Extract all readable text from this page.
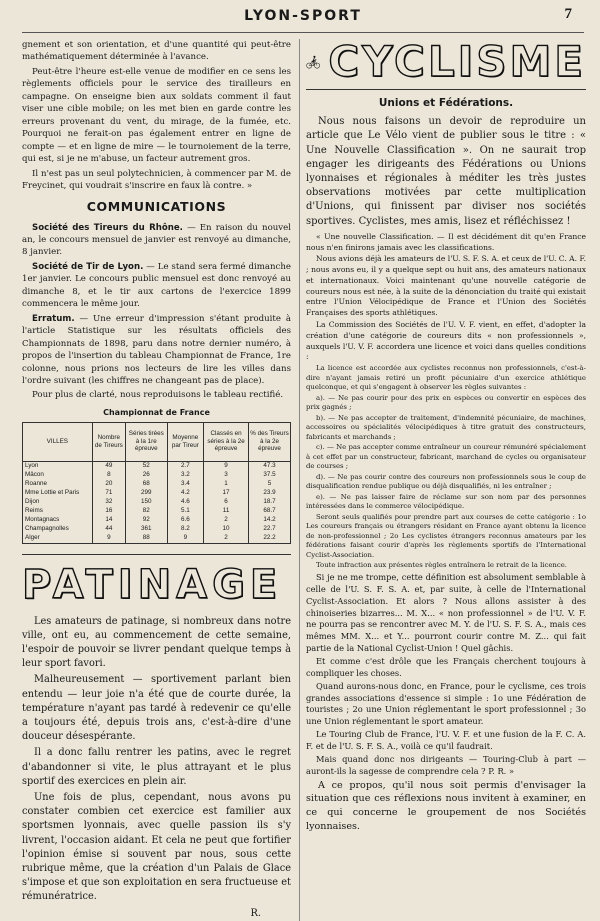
LYON-SPORT	7

gnement et son orientation, et d'une quantité qui peut-être mathématiquement déterminée à l'avance.

Peut-être l'heure est-elle venue de modifier en ce sens les règlements officiels pour le service des tirailleurs en campagne. On enseigne bien aux soldats comment il faut viser une cible mobile; on les met bien en garde contre les erreurs provenant du vent, du mirage, de la fumée, etc. Pourquoi ne ferait-on pas également entrer en ligne de compte — et en ligne de mire — le tournoiement de la terre, qui est, si je ne m'abuse, un facteur autrement gros.

Il n'est pas un seul polytechnicien, à commencer par M. de Freycinet, qui voudrait s'inscrire en faux là contre. »

COMMUNICATIONS

Société des Tireurs du Rhône. — En raison du nouvel an, le concours mensuel de janvier est renvoyé au dimanche, 8 janvier.

Société de Tir de Lyon. — Le stand sera fermé dimanche 1er janvier. Le concours public mensuel est donc renvoyé au dimanche 8, et le tir aux cartons de l'exercice 1899 commencera le même jour.

Erratum. — Une erreur d'impression s'étant produite à l'article Statistique sur les résultats officiels des Championnats de 1898, paru dans notre dernier numéro, à propos de l'insertion du tableau Championnat de France, 1re colonne, nous prions nos lecteurs de lire les villes dans l'ordre suivant (les chiffres ne changeant pas de place).

Pour plus de clarté, nous reproduisons le tableau rectifié.

Championnat de France
VILLES	Nombre de Tireurs	Séries tirées à la 1re épreuve	Moyenne par Tireur	Classés en séries à la 2e épreuve	% des Tireurs à la 2e épreuve
Lyon	49	52	2.7	9	47.3
Mâcon	8	26	3.2	3	37.5
Roanne	20	68	3.4	1	5
Mme Lottie et Paris	71	299	4.2	17	23.9
Dijon	32	150	4.6	6	18.7
Reims	16	82	5.1	11	68.7
Montagnacs	14	92	6.6	2	14.2
Champagnolles	44	361	8.2	10	22.7
Alger	9	88	9	2	22.2
PATINAGE

Les amateurs de patinage, si nombreux dans notre ville, ont eu, au commencement de cette semaine, l'espoir de pouvoir se livrer pendant quelque temps à leur sport favori.

Malheureusement — sportivement parlant bien entendu — leur joie n'a été que de courte durée, la température n'ayant pas tardé à redevenir ce qu'elle a toujours été, depuis trois ans, c'est-à-dire d'une douceur désespérante.

Il a donc fallu rentrer les patins, avec le regret d'abandonner si vite, le plus attrayant et le plus sportif des exercices en plein air.

Une fois de plus, cependant, nous avons pu constater combien cet exercice est familier aux sportsmen lyonnais, avec quelle passion ils s'y livrent, l'occasion aidant. Et cela ne peut que fortifier l'opinion émise si souvent par nous, sous cette rubrique même, que la création d'un Palais de Glace s'impose et que son exploitation en sera fructueuse et rémunératrice.

R.
CYCLISME
Unions et Fédérations.

Nous nous faisons un devoir de reproduire un article que Le Vélo vient de publier sous le titre : « Une Nouvelle Classification ». On ne saurait trop engager les dirigeants des Fédérations ou Unions lyonnaises et régionales à méditer les très justes observations motivées par cette multiplication d'Unions, qui finissent par diviser nos sociétés sportives. Cyclistes, mes amis, lisez et réfléchissez !

« Une nouvelle Classification. — Il est décidément dit qu'en France nous n'en finirons jamais avec les classifications.

Nous avions déjà les amateurs de l'U. S. F. S. A. et ceux de l'U. C. A. F. ; nous avons eu, il y a quelque sept ou huit ans, des amateurs nationaux et internationaux. Voici maintenant qu'une nouvelle catégorie de coureurs nous est née, à la suite de la dénonciation du traité qui existait entre l'Union Vélocipédique de France et l'Union des Sociétés Françaises des sports athlétiques.

La Commission des Sociétés de l'U. V. F. vient, en effet, d'adopter la création d'une catégorie de coureurs dits « non professionnels », auxquels l'U. V. F. accordera une licence et voici dans quelles conditions :

La licence est accordée aux cyclistes reconnus non professionnels, c'est-à-dire n'ayant jamais retiré un profit pécuniaire d'un exercice athlétique quelconque, et qui s'engagent à observer les règles suivantes :

a). — Ne pas courir pour des prix en espèces ou convertir en espèces des prix gagnés ;

b). — Ne pas accepter de traitement, d'indemnité pécuniaire, de machines, accessoires ou spécialités vélocipédiques à titre gratuit des constructeurs, fabricants et marchands ;

c). — Ne pas accepter comme entraîneur un coureur rémunéré spécialement à cet effet par un constructeur, fabricant, marchand de cycles ou organisateur de courses ;

d). — Ne pas courir contre des coureurs non professionnels sous le coup de disqualification rendue publique ou déjà disqualifiés, ni les entraîner ;

e). — Ne pas laisser faire de réclame sur son nom par des personnes intéressées dans le commerce vélocipédique.

Seront seuls qualifiés pour prendre part aux courses de cette catégorie : 1o Les coureurs français ou étrangers résidant en France ayant obtenu la licence de non-professionnel ; 2o Les cyclistes étrangers reconnus amateurs par les fédérations faisant courir d'après les règlements sportifs de l'International Cyclist-Association.

Toute infraction aux présentes règles entraînera le retrait de la licence.

Si je ne me trompe, cette définition est absolument semblable à celle de l'U. S. F. S. A. et, par suite, à celle de l'International Cyclist-Association. Et alors ? Nous allons assister à des chinoiseries bizarres... M. X... « non professionnel » de l'U. V. F. ne pourra pas se rencontrer avec M. Y. de l'U. S. F. S. A., mais ces mêmes MM. X... et Y... pourront courir contre M. Z... qui fait partie de la National Cyclist-Union ! Quel gâchis.

Et comme c'est drôle que les Français cherchent toujours à compliquer les choses.

Quand aurons-nous donc, en France, pour le cyclisme, ces trois grandes associations d'essence si simple : 1o une Fédération de touristes ; 2o une Union réglementant le sport professionnel ; 3o une Union réglementant le sport amateur.

Le Touring Club de France, l'U. V. F. et une fusion de la F. C. A. F. et de l'U. S. F. S. A., voilà ce qu'il faudrait.

Mais quand donc nos dirigeants — Touring-Club à part — auront-ils la sagesse de comprendre cela ? P. R. »

A ce propos, qu'il nous soit permis d'envisager la situation que ces réflexions nous invitent à examiner, en ce qui concerne le groupement de nos Sociétés lyonnaises.
